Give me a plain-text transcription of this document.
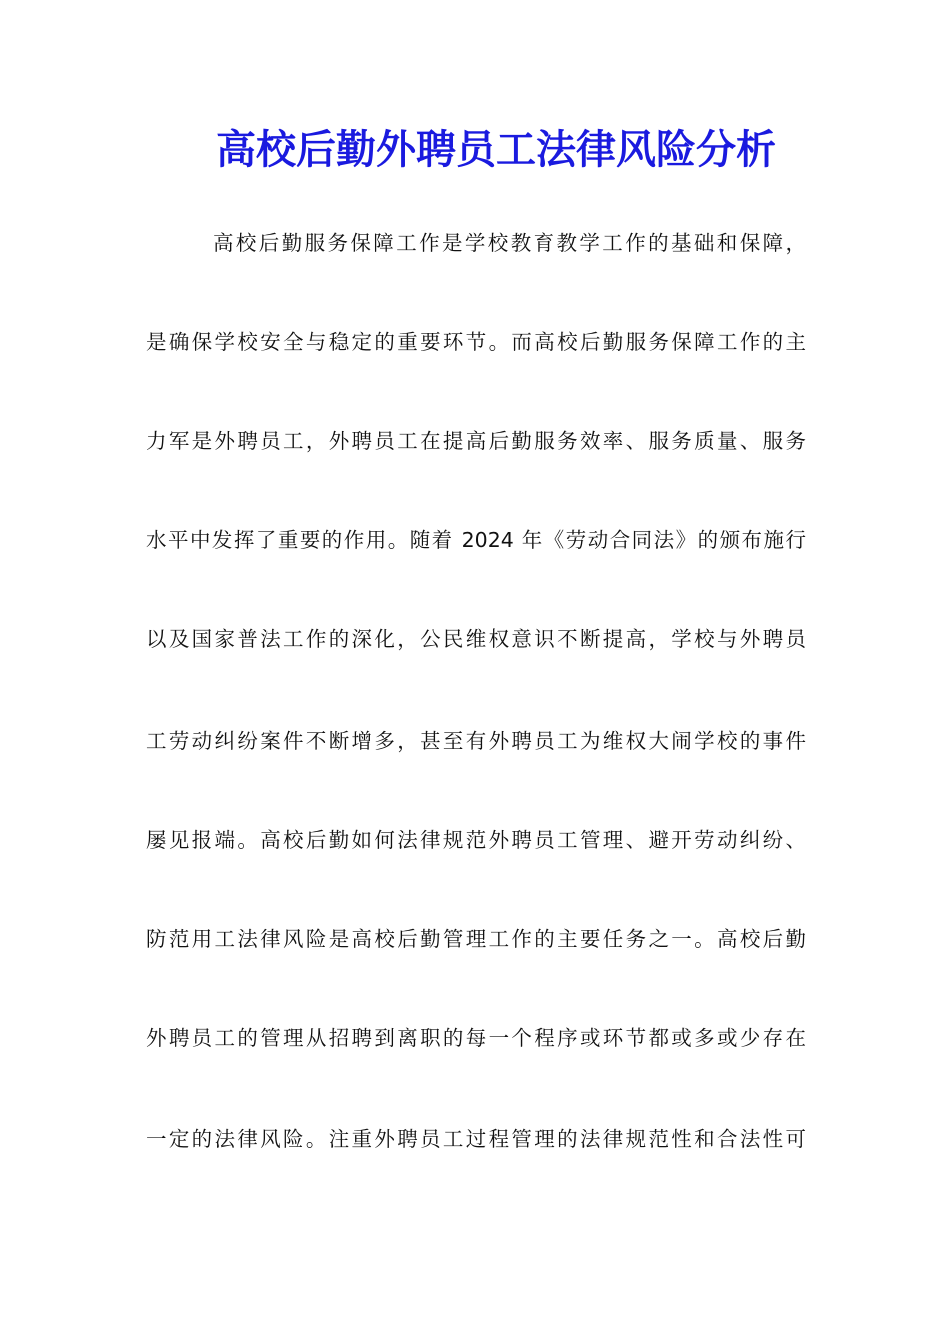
高校后勤外聘员工法律风险分析
高校后勤服务保障工作是学校教育教学工作的基础和保障，
是确保学校安全与稳定的重要环节。而高校后勤服务保障工作的主
力军是外聘员工，外聘员工在提高后勤服务效率、服务质量、服务
水平中发挥了重要的作用。随着 2024 年《劳动合同法》的颁布施行
以及国家普法工作的深化，公民维权意识不断提高，学校与外聘员
工劳动纠纷案件不断增多，甚至有外聘员工为维权大闹学校的事件
屡见报端。高校后勤如何法律规范外聘员工管理、避开劳动纠纷、
防范用工法律风险是高校后勤管理工作的主要任务之一。高校后勤
外聘员工的管理从招聘到离职的每一个程序或环节都或多或少存在
一定的法律风险。注重外聘员工过程管理的法律规范性和合法性可
